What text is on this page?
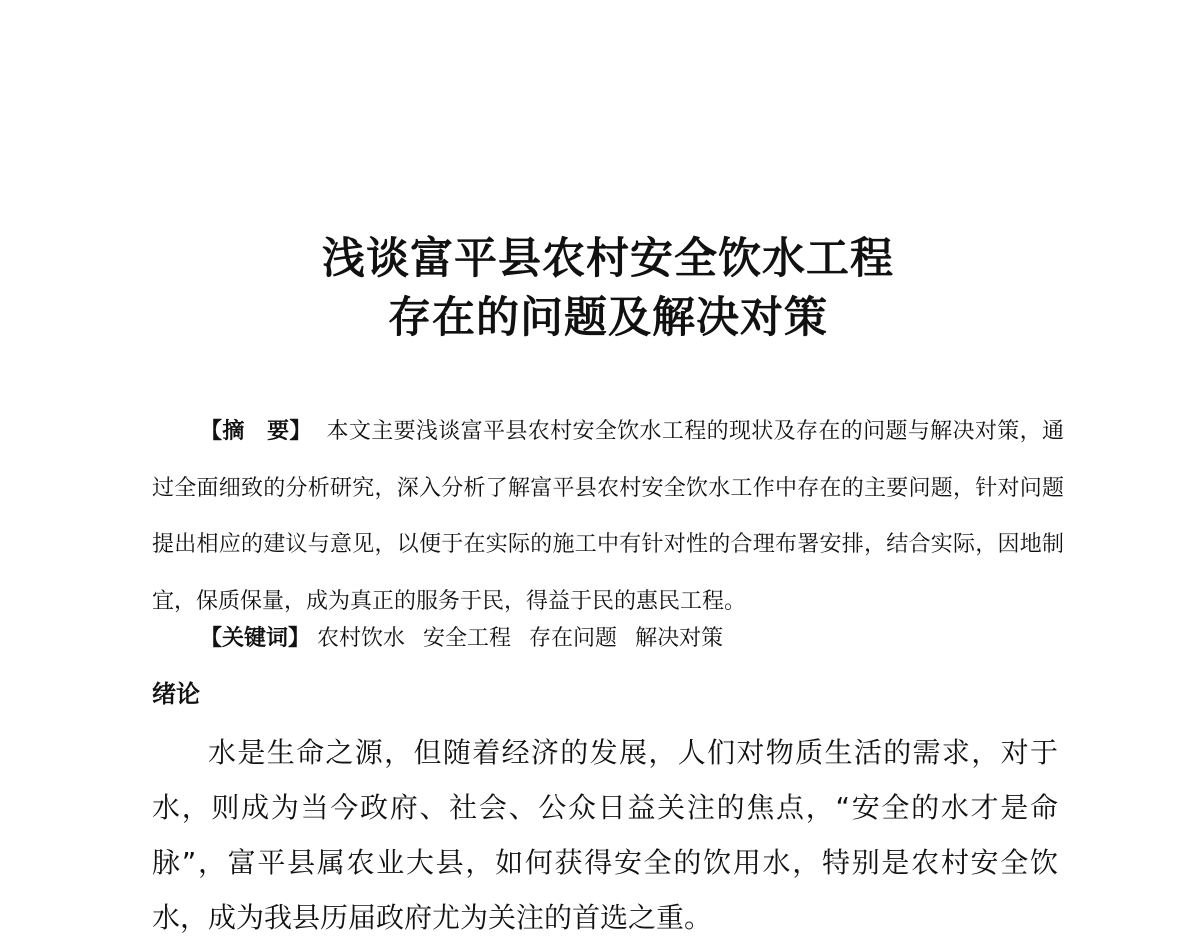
浅谈富平县农村安全饮水工程
存在的问题及解决对策
【摘　要】 本文主要浅谈富平县农村安全饮水工程的现状及存在的问题与解决对策，通过全面细致的分析研究，深入分析了解富平县农村安全饮水工作中存在的主要问题，针对问题提出相应的建议与意见，以便于在实际的施工中有针对性的合理布署安排，结合实际，因地制宜，保质保量，成为真正的服务于民，得益于民的惠民工程。
【关键词】 农村饮水 安全工程 存在问题 解决对策
绪论
水是生命之源，但随着经济的发展，人们对物质生活的需求，对于水，则成为当今政府、社会、公众日益关注的焦点，“安全的水才是命脉”，富平县属农业大县，如何获得安全的饮用水，特别是农村安全饮水，成为我县历届政府尤为关注的首选之重。
